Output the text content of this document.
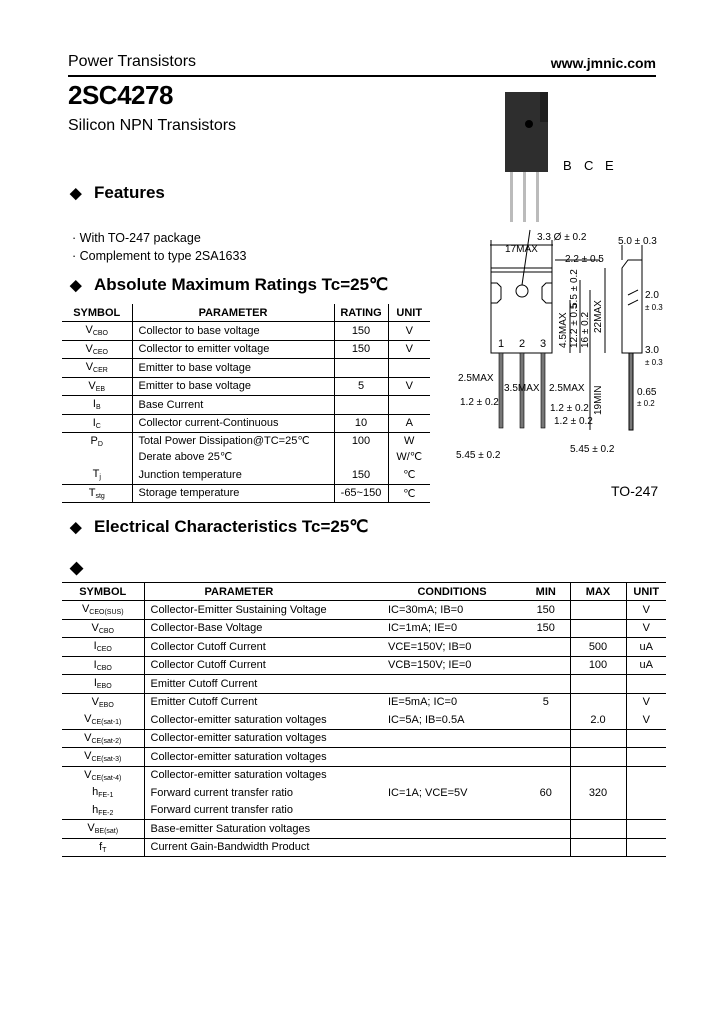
Power Transistors	www.jmnic.com
2SC4278
Silicon NPN Transistors
◆ Features
· With TO-247 package
· Complement to type 2SA1633
◆ Absolute Maximum Ratings Tc=25℃
SYMBOL	PARAMETER	RATING	UNIT
$V_{CBO}$	Collector to base voltage	150	V
$V_{CEO}$	Collector to emitter voltage	150	V
$V_{CER}$	Emitter to base voltage		
$V_{EB}$	Emitter to base voltage	5	V
$I_B$	Base Current		
$I_C$	Collector current-Continuous	10	A
$P_D$	Total Power Dissipation@TC=25℃
Derate above 25℃	100	W
W/℃
$T_j$	Junction temperature	150	℃
$T_{stg}$	Storage temperature	-65~150	℃
B C E
1 2 3
3.3 Ø ± 0.2
17MAX
2.2 ± 0.5
5.0 ± 0.3
2.0
± 0.3
3.0
± 0.3
0.65
± 0.2
2.5MAX
3.5MAX 2.5MAX
1.2 ± 0.2
1.2 ± 0.2
1.2 ± 0.2
5.45 ± 0.2
5.45 ± 0.2
4.5MAX 12.2 ± 0.5 16 ± 0.2 22MAX
5.5 ± 0.2
19MIN
TO-247
◆ Electrical Characteristics Tc=25℃
◆
SYMBOL	PARAMETER	CONDITIONS	MIN	MAX	UNIT
$V_{CEO(SUS)}$	Collector-Emitter Sustaining Voltage	IC=30mA; IB=0	150		V
$V_{CBO}$	Collector-Base Voltage	IC=1mA; IE=0	150		V
$I_{CEO}$	Collector Cutoff Current	VCE=150V; IB=0		500	uA
$I_{CBO}$	Collector Cutoff Current	VCB=150V; IE=0		100	uA
$I_{EBO}$	Emitter Cutoff Current				
$V_{EBO}$	Emitter Cutoff Current	IE=5mA; IC=0	5		V
$V_{CE(sat-1)}$	Collector-emitter saturation voltages	IC=5A; IB=0.5A		2.0	V
$V_{CE(sat-2)}$	Collector-emitter saturation voltages				
$V_{CE(sat-3)}$	Collector-emitter saturation voltages				
$V_{CE(sat-4)}$	Collector-emitter saturation voltages				
$h_{FE-1}$	Forward current transfer ratio	IC=1A; VCE=5V	60	320	
$h_{FE-2}$	Forward current transfer ratio				
$V_{BE(sat)}$	Base-emitter Saturation voltages				
$f_T$	Current Gain-Bandwidth Product				
